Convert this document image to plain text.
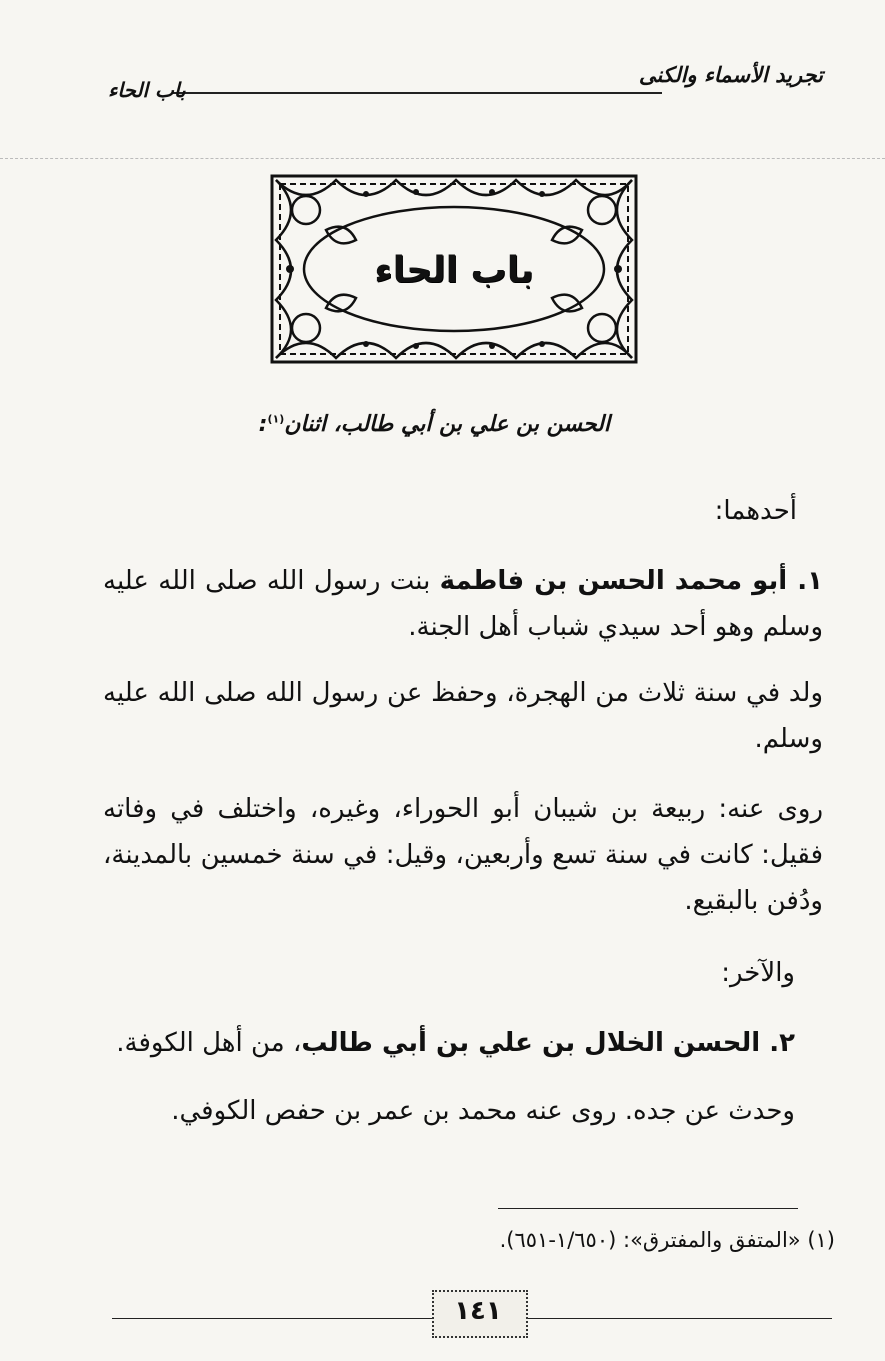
تجريد الأسماء والكنى
باب الحاء
باب الحاء
الحسن بن علي بن أبي طالب، اثنان$^{(١)}$:
أحدهما:
١. أبو محمد الحسن بن فاطمة بنت رسول الله صلى الله عليه وسلم وهو أحد سيدي شباب أهل الجنة.
ولد في سنة ثلاث من الهجرة، وحفظ عن رسول الله صلى الله عليه وسلم.
روى عنه: ربيعة بن شيبان أبو الحوراء، وغيره، واختلف في وفاته فقيل: كانت في سنة تسع وأربعين، وقيل: في سنة خمسين بالمدينة، ودُفن بالبقيع.
والآخر:
٢. الحسن الخلال بن علي بن أبي طالب، من أهل الكوفة.
وحدث عن جده. روى عنه محمد بن عمر بن حفص الكوفي.
(١) «المتفق والمفترق»: (١/٦٥٠-٦٥١).
١٤١
